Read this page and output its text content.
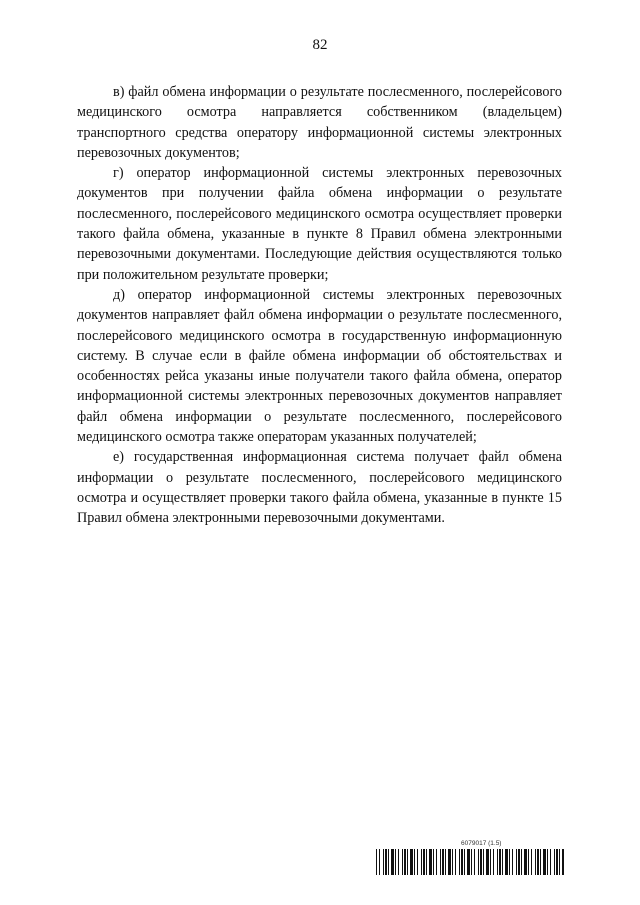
82

в) файл обмена информации о результате послесменного, послерейсового медицинского осмотра направляется собственником (владельцем) транспортного средства оператору информационной системы электронных перевозочных документов;

г) оператор информационной системы электронных перевозочных документов при получении файла обмена информации о результате послесменного, послерейсового медицинского осмотра осуществляет проверки такого файла обмена, указанные в пункте 8 Правил обмена электронными перевозочными документами. Последующие действия осуществляются только при положительном результате проверки;

д) оператор информационной системы электронных перевозочных документов направляет файл обмена информации о результате послесменного, послерейсового медицинского осмотра в государственную информационную систему. В случае если в файле обмена информации об обстоятельствах и особенностях рейса указаны иные получатели такого файла обмена, оператор информационной системы электронных перевозочных документов направляет файл обмена информации о результате послесменного, послерейсового медицинского осмотра также операторам указанных получателей;

е) государственная информационная система получает файл обмена информации о результате послесменного, послерейсового медицинского осмотра и осуществляет проверки такого файла обмена, указанные в пункте 15 Правил обмена электронными перевозочными документами.

6079017 (1.5)
